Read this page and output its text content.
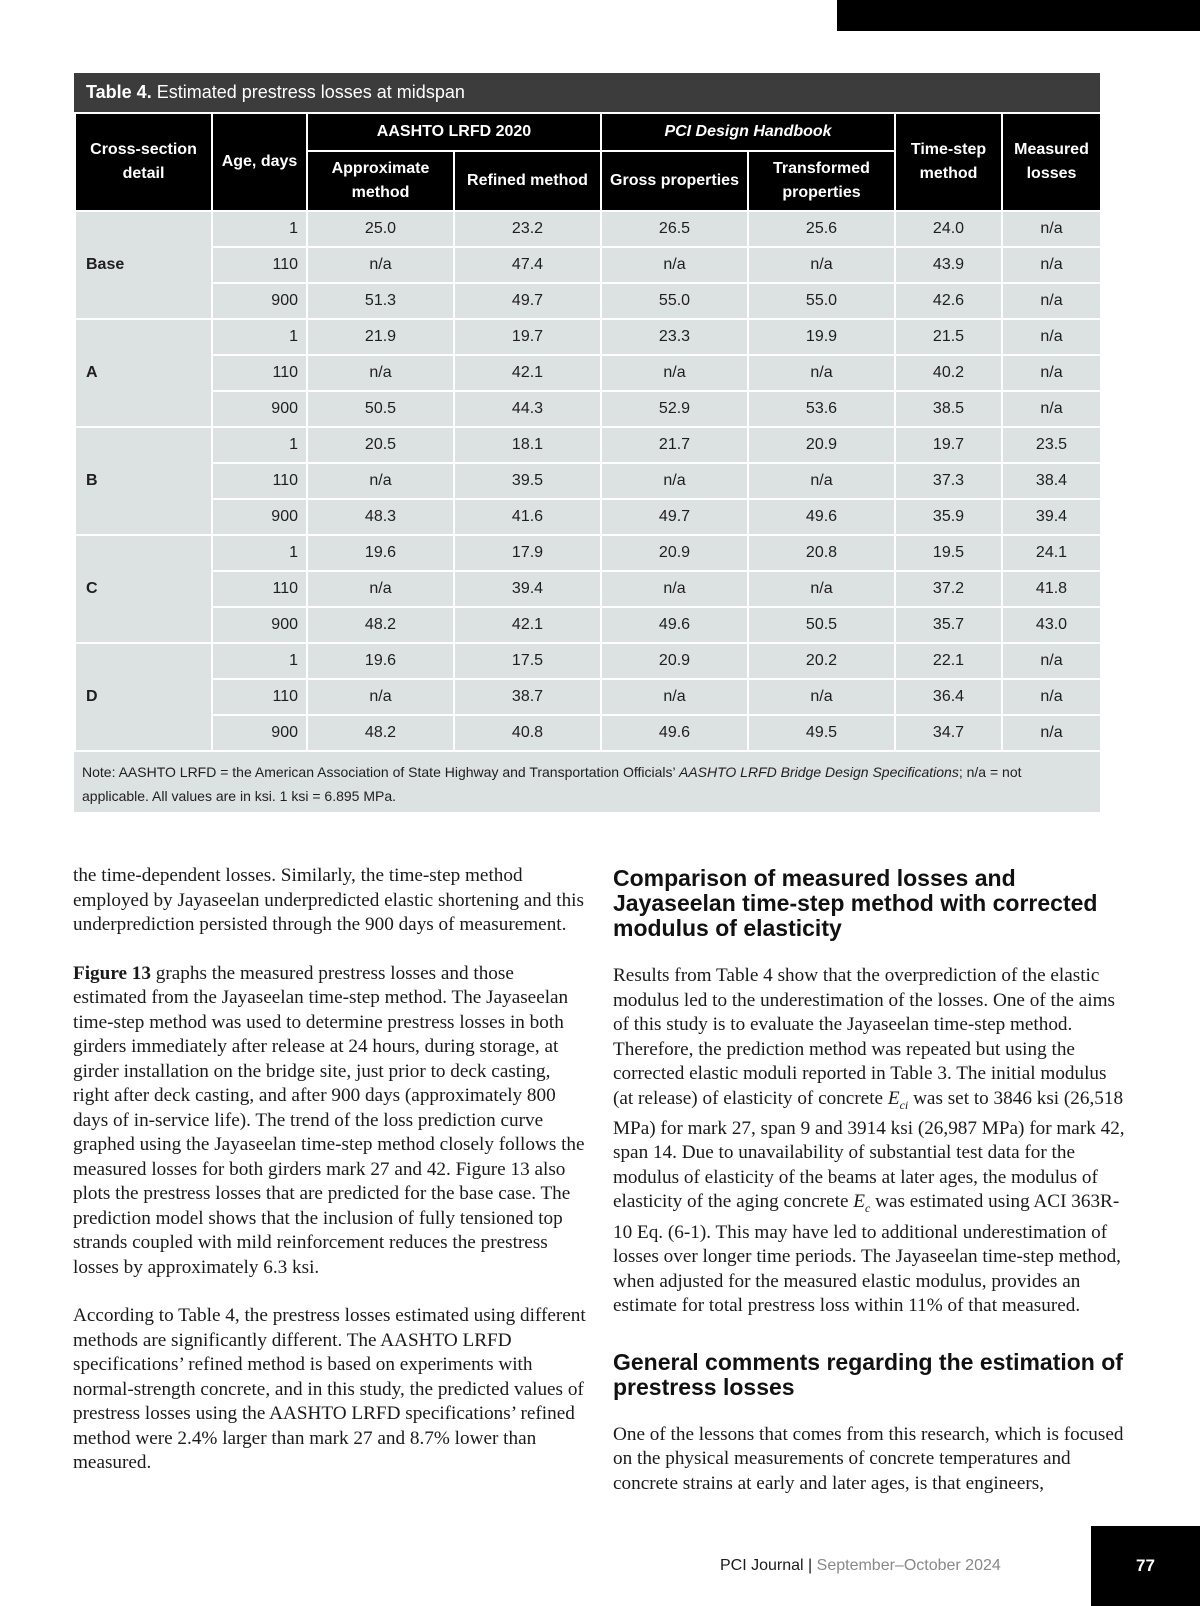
Table 4. Estimated prestress losses at midspan
Cross-section detail	Age, days	AASHTO LRFD 2020		PCI Design Handbook		Time-step method	Measured losses
		Approximate method	Refined method	Gross properties	Transformed properties		
Base	1	25.0	23.2	26.5	25.6	24.0	n/a
	110	n/a	47.4	n/a	n/a	43.9	n/a
	900	51.3	49.7	55.0	55.0	42.6	n/a
A	1	21.9	19.7	23.3	19.9	21.5	n/a
	110	n/a	42.1	n/a	n/a	40.2	n/a
	900	50.5	44.3	52.9	53.6	38.5	n/a
B	1	20.5	18.1	21.7	20.9	19.7	23.5
	110	n/a	39.5	n/a	n/a	37.3	38.4
	900	48.3	41.6	49.7	49.6	35.9	39.4
C	1	19.6	17.9	20.9	20.8	19.5	24.1
	110	n/a	39.4	n/a	n/a	37.2	41.8
	900	48.2	42.1	49.6	50.5	35.7	43.0
D	1	19.6	17.5	20.9	20.2	22.1	n/a
	110	n/a	38.7	n/a	n/a	36.4	n/a
	900	48.2	40.8	49.6	49.5	34.7	n/a
Note: AASHTO LRFD = the American Association of State Highway and Transportation Officials’ AASHTO LRFD Bridge Design Specifications; n/a = not applicable. All values are in ksi. 1 ksi = 6.895 MPa.

the time-dependent losses. Similarly, the time-step method employed by Jayaseelan underpredicted elastic shortening and this underprediction persisted through the 900 days of measurement.

Figure 13 graphs the measured prestress losses and those estimated from the Jayaseelan time-step method. The Jayaseelan time-step method was used to determine prestress losses in both girders immediately after release at 24 hours, during storage, at girder installation on the bridge site, just prior to deck casting, right after deck casting, and after 900 days (approximately 800 days of in-service life). The trend of the loss prediction curve graphed using the Jayaseelan time-step method closely follows the measured losses for both girders mark 27 and 42. Figure 13 also plots the prestress losses that are predicted for the base case. The prediction model shows that the inclusion of fully tensioned top strands coupled with mild reinforcement reduces the prestress losses by approximately 6.3 ksi.

According to Table 4, the prestress losses estimated using different methods are significantly different. The AASHTO LRFD specifications’ refined method is based on experiments with normal-strength concrete, and in this study, the predicted values of prestress losses using the AASHTO LRFD specifications’ refined method were 2.4% larger than mark 27 and 8.7% lower than measured.

Comparison of measured losses and Jayaseelan time-step method with corrected modulus of elasticity

Results from Table 4 show that the overprediction of the elastic modulus led to the underestimation of the losses. One of the aims of this study is to evaluate the Jayaseelan time-step method. Therefore, the prediction method was repeated but using the corrected elastic moduli reported in Table 3. The initial modulus (at release) of elasticity of concrete $E_{ci}$ was set to 3846 ksi (26,518 MPa) for mark 27, span 9 and 3914 ksi (26,987 MPa) for mark 42, span 14. Due to unavailability of substantial test data for the modulus of elasticity of the beams at later ages, the modulus of elasticity of the aging concrete $E_c$ was estimated using ACI 363R-10 Eq. (6-1). This may have led to additional underestimation of losses over longer time periods. The Jayaseelan time-step method, when adjusted for the measured elastic modulus, provides an estimate for total prestress loss within 11% of that measured.

General comments regarding the estimation of prestress losses

One of the lessons that comes from this research, which is focused on the physical measurements of concrete temperatures and concrete strains at early and later ages, is that engineers,

PCI Journal | September–October 2024	77
